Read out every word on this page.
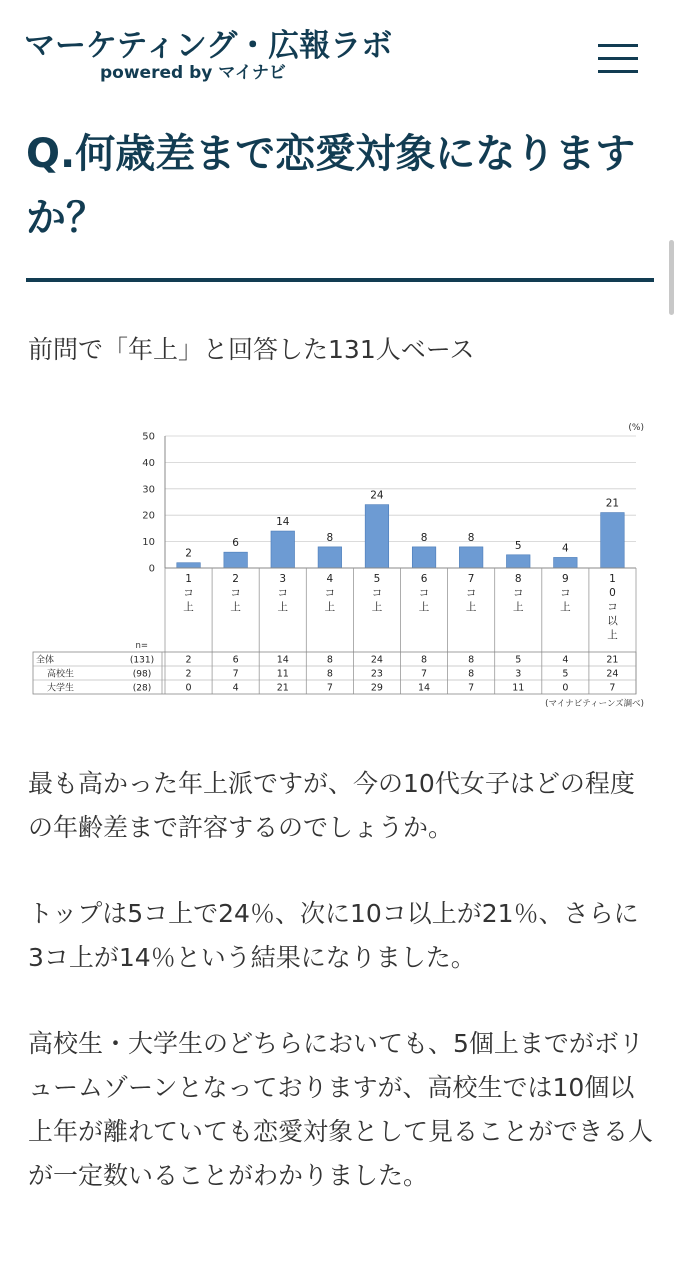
マーケティング・広報ラボ
powered by マイナビ
Q.何歳差まで恋愛対象になりますか？
前問で「年上」と回答した131人ベース
(%)
0
10
20
30
40
50
2
6
14
8
24
8	8
5	4
21
1
コ
上
2
コ
上
3
コ
上
4
コ
上
5
コ
上
6
コ
上
7
コ
上
8
コ
上
9
コ
上
1
0
コ
以
上
n=
全体	(131)	2	6	14	8	24	8	8	5	4	21
高校生	(98)	2	7	11	8	23	7	8	3	5	24
大学生	(28)	0	4	21	7	29	14	7	11	0	7
(マイナビティーンズ調べ)

最も高かった年上派ですが、今の10代女子はどの程度の年齢差まで許容するのでしょうか。

トップは5コ上で24％、次に10コ以上が21％、さらに3コ上が14％という結果になりました。

高校生・大学生のどちらにおいても、5個上までがボリュームゾーンとなっておりますが、高校生では10個以上年が離れていても恋愛対象として見ることができる人が一定数いることがわかりました。
